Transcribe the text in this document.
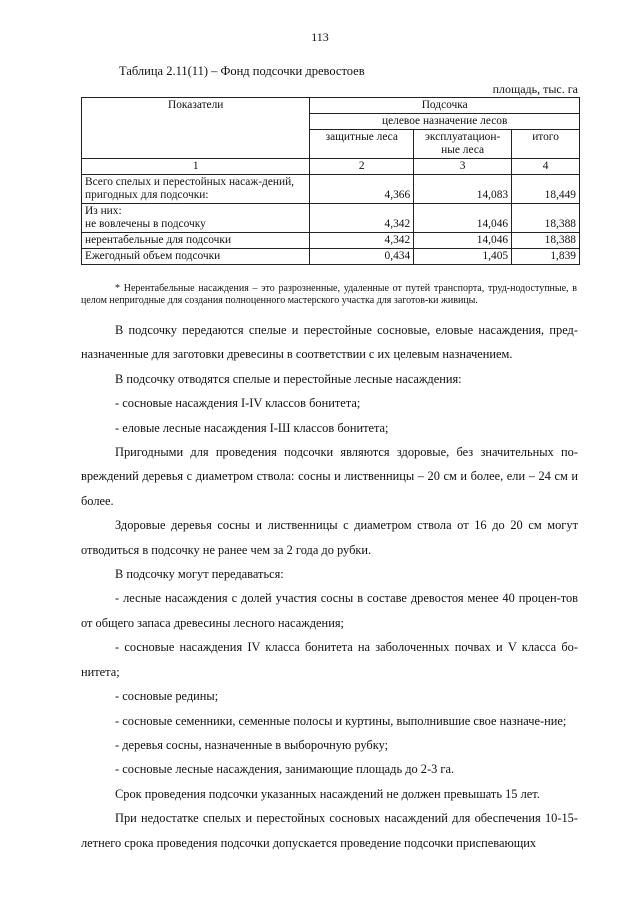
113
Таблица 2.11(11) – Фонд подсочки древостоев
площадь, тыс. га
Показатели	Подсочка		
	целевое назначение лесов		
	защитные леса	эксплуатацион-ные леса	итого
1	2	3	4
Всего спелых и перестойных насаж-дений, пригодных для подсочки:	4,366	14,083	18,449
Из них:
не вовлечены в подсочку	4,342	14,046	18,388
нерентабельные для подсочки	4,342	14,046	18,388
Ежегодный объем подсочки	0,434	1,405	1,839
* Нерентабельные насаждения – это разрозненные, удаленные от путей транспорта, труд-нодоступные, в целом непригодные для создания полноценного мастерского участка для заготов-ки живицы.

В подсочку передаются спелые и перестойные сосновые, еловые насаждения, пред-назначенные для заготовки древесины в соответствии с их целевым назначением.

В подсочку отводятся спелые и перестойные лесные насаждения:

- сосновые насаждения I-IV классов бонитета;

- еловые лесные насаждения I-Ш классов бонитета;

Пригодными для проведения подсочки являются здоровые, без значительных по-вреждений деревья с диаметром ствола: сосны и лиственницы – 20 см и более, ели – 24 см и более.

Здоровые деревья сосны и лиственницы с диаметром ствола от 16 до 20 см могут отводиться в подсочку не ранее чем за 2 года до рубки.

В подсочку могут передаваться:

- лесные насаждения с долей участия сосны в составе древостоя менее 40 процен-тов от общего запаса древесины лесного насаждения;

- сосновые насаждения IV класса бонитета на заболоченных почвах и V класса бо-нитета;

- сосновые редины;

- сосновые семенники, семенные полосы и куртины, выполнившие свое назначе-ние;

- деревья сосны, назначенные в выборочную рубку;

- сосновые лесные насаждения, занимающие площадь до 2-3 га.

Срок проведения подсочки указанных насаждений не должен превышать 15 лет.

При недостатке спелых и перестойных сосновых насаждений для обеспечения 10-15-летнего срока проведения подсочки допускается проведение подсочки приспевающих
